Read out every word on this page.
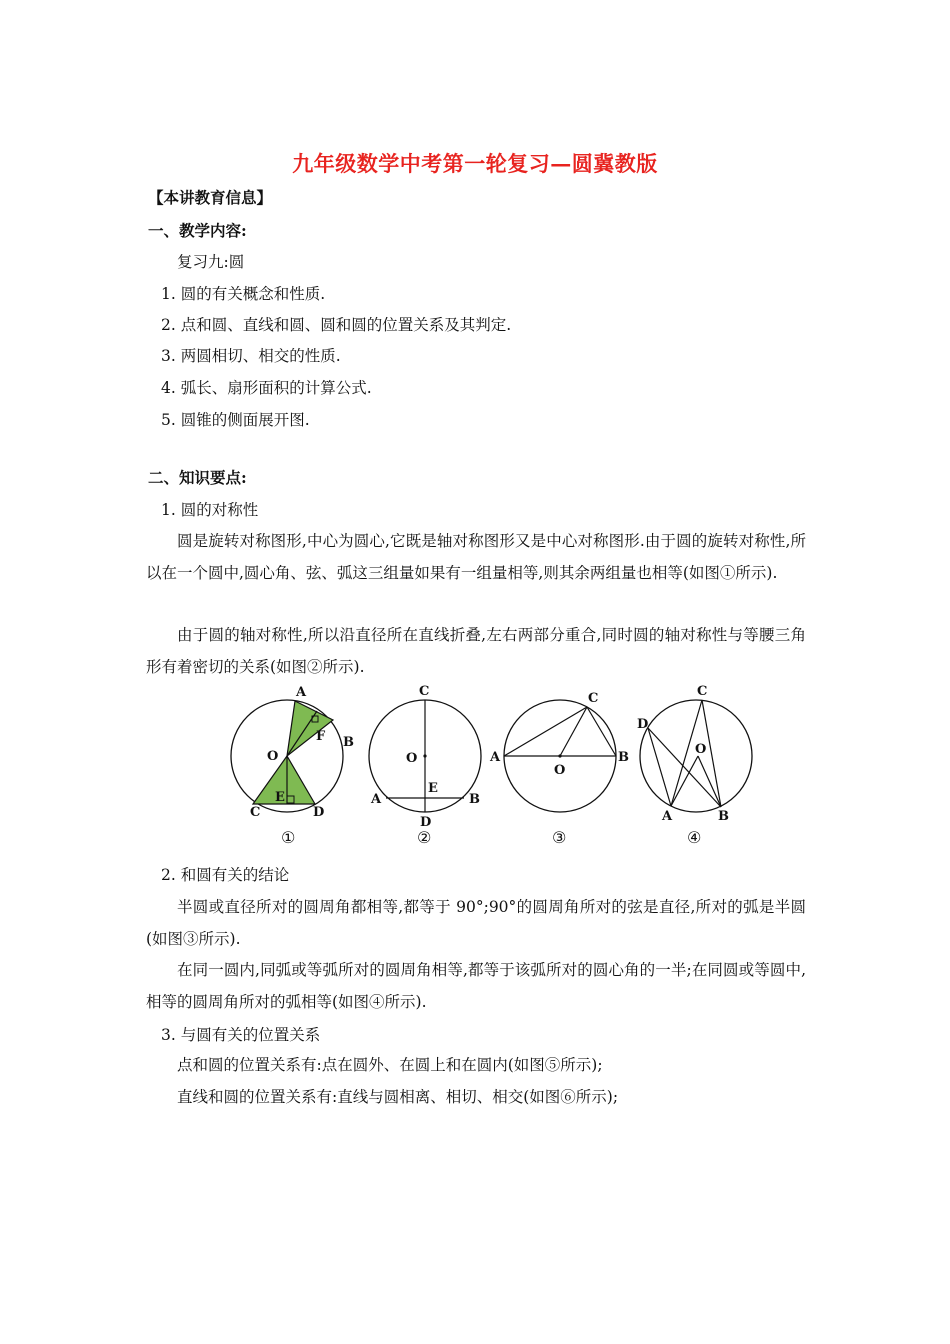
九年级数学中考第一轮复习—圆冀教版
【本讲教育信息】
一、教学内容:
复习九:圆
1. 圆的有关概念和性质.
2. 点和圆、直线和圆、圆和圆的位置关系及其判定.
3. 两圆相切、相交的性质.
4. 弧长、扇形面积的计算公式.
5. 圆锥的侧面展开图.
二、知识要点:
1. 圆的对称性
圆是旋转对称图形,中心为圆心,它既是轴对称图形又是中心对称图形.由于圆的旋转对称性,所以在一个圆中,圆心角、弦、弧这三组量如果有一组量相等,则其余两组量也相等(如图①所示).
由于圆的轴对称性,所以沿直径所在直线折叠,左右两部分重合,同时圆的轴对称性与等腰三角形有着密切的关系(如图②所示).
A
B
F
O
E
C	D
①
C
O
E
A	B
D
②
C
A	B
O
③
C
D
O
A	B
④
2. 和圆有关的结论
半圆或直径所对的圆周角都相等,都等于 90°;90°的圆周角所对的弦是直径,所对的弧是半圆(如图③所示).
在同一圆内,同弧或等弧所对的圆周角相等,都等于该弧所对的圆心角的一半;在同圆或等圆中,相等的圆周角所对的弧相等(如图④所示).
3. 与圆有关的位置关系
点和圆的位置关系有:点在圆外、在圆上和在圆内(如图⑤所示);
直线和圆的位置关系有:直线与圆相离、相切、相交(如图⑥所示);
